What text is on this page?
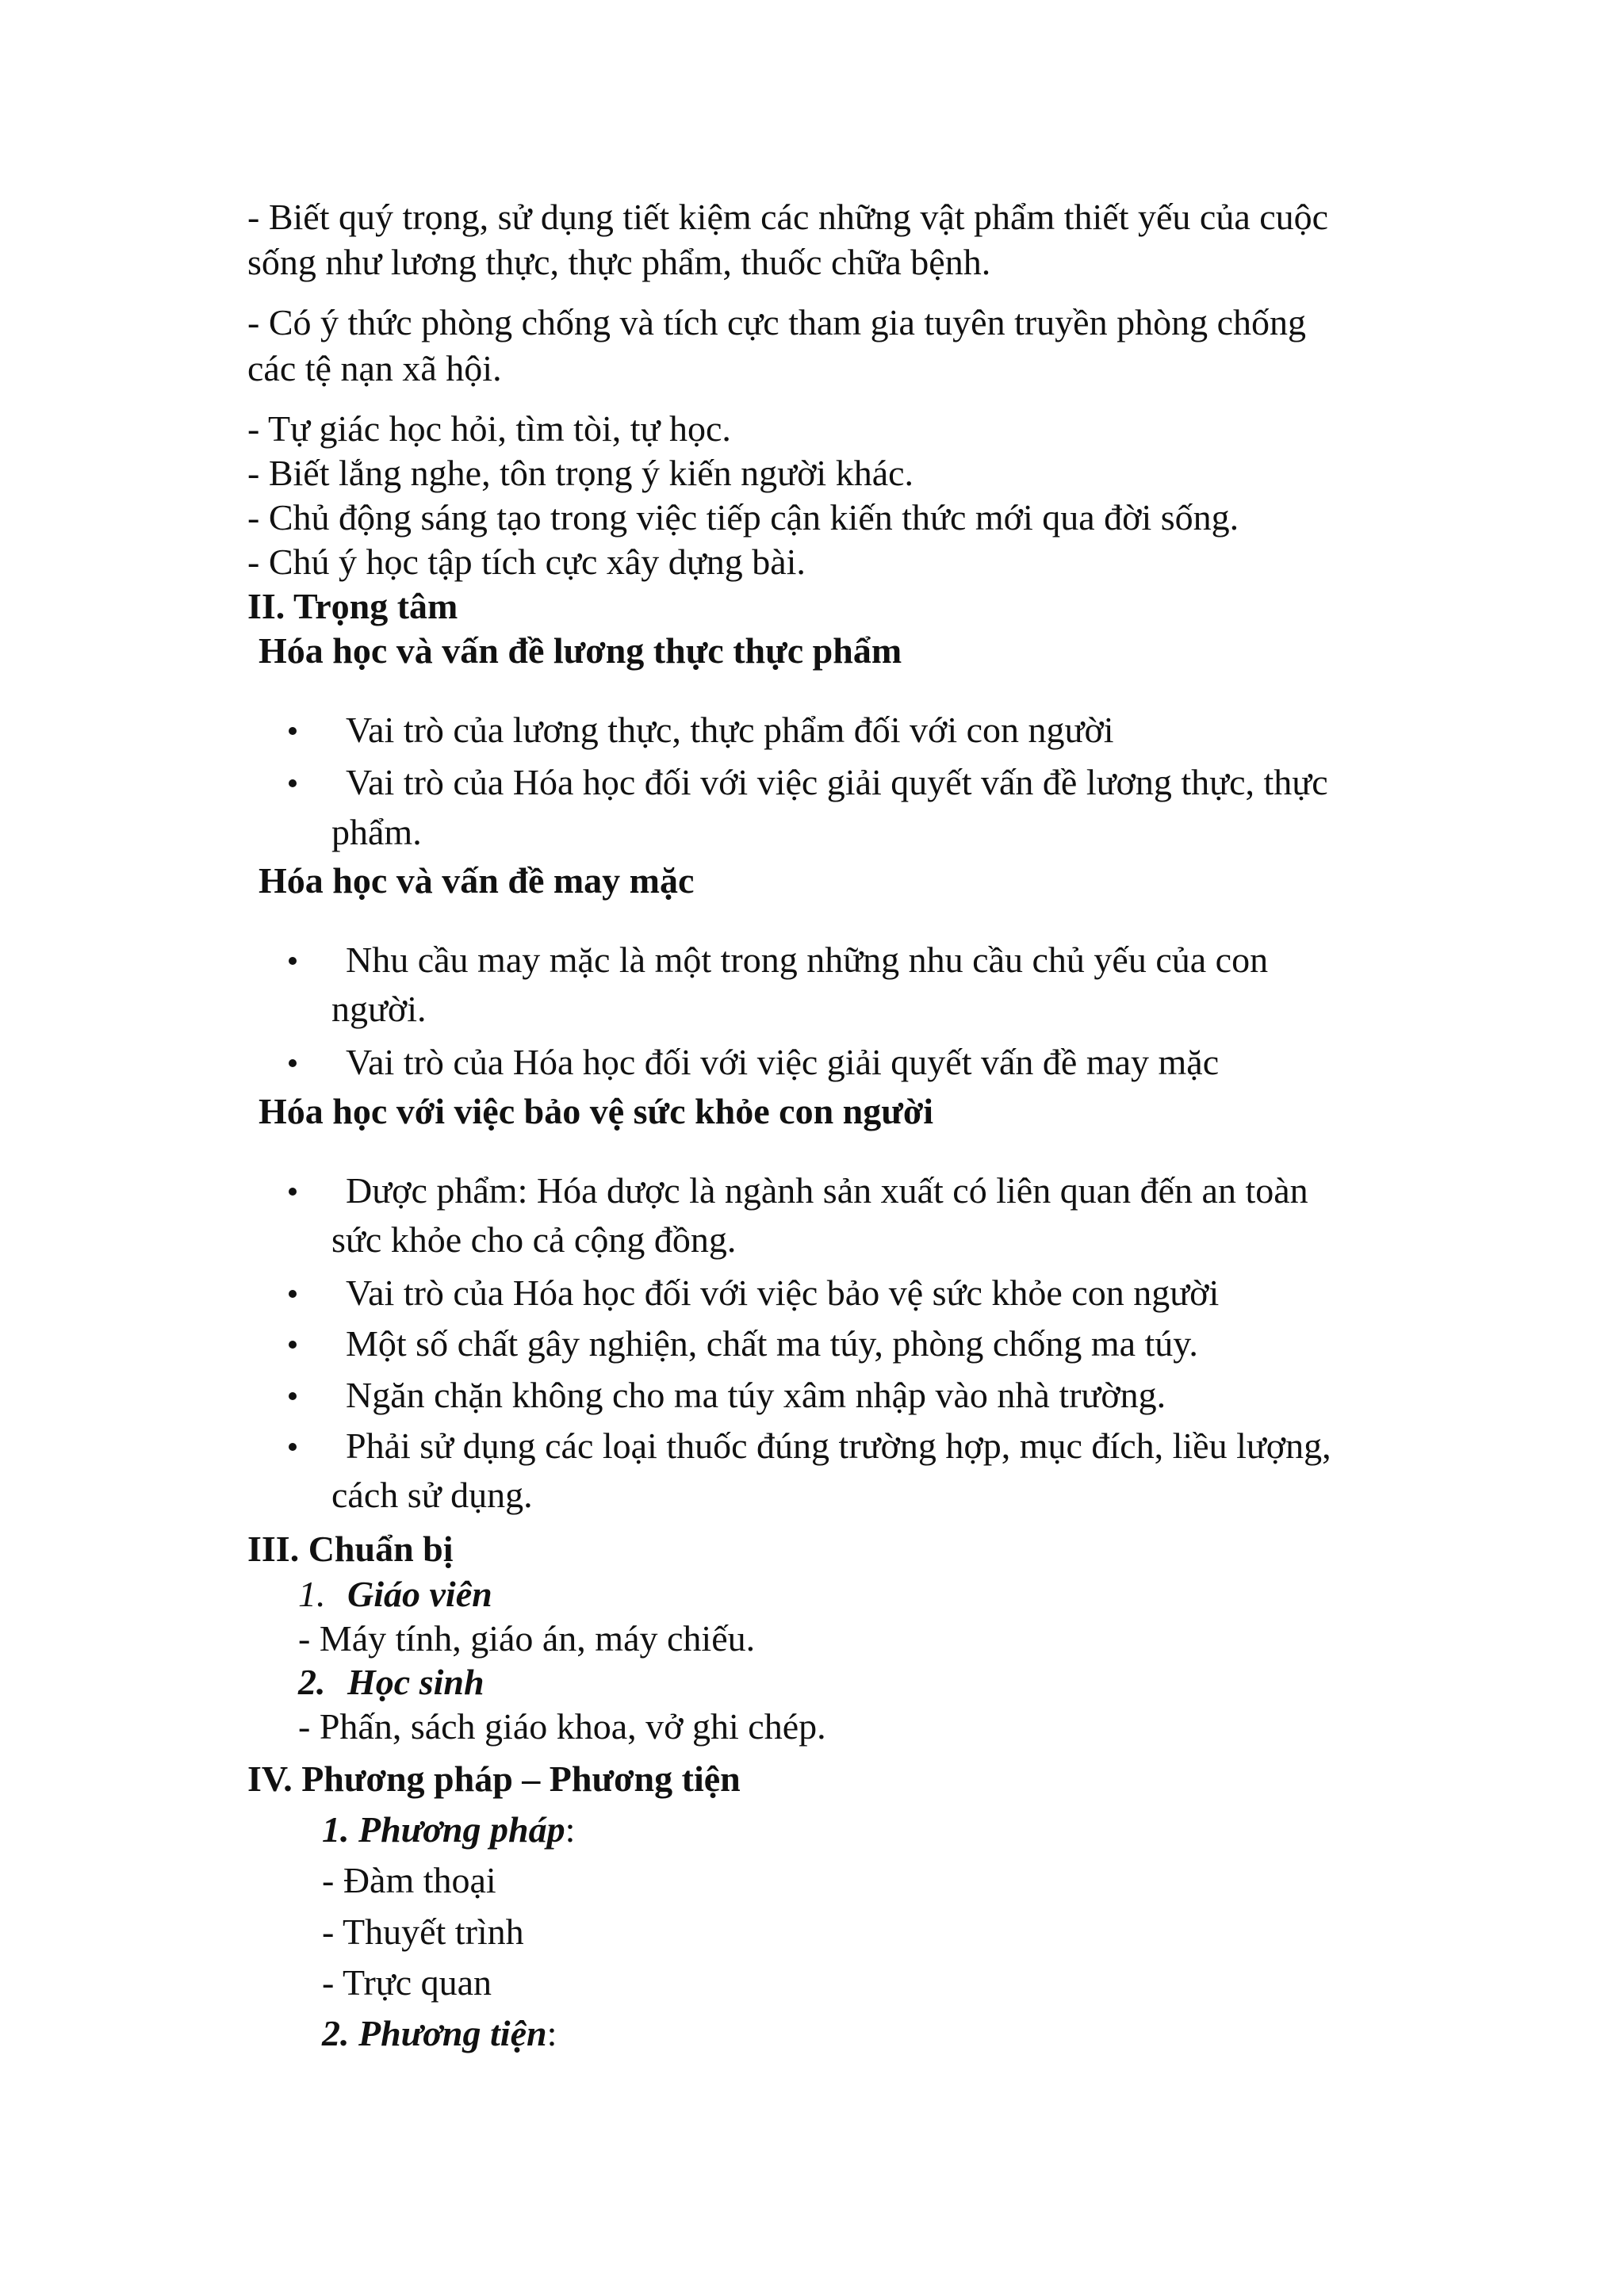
- Biết quý trọng, sử dụng tiết kiệm các những vật phẩm thiết yếu của cuộc
sống như lương thực, thực phẩm, thuốc chữa bệnh.
- Có ý thức phòng chống và tích cực tham gia tuyên truyền phòng chống
các tệ nạn xã hội.
- Tự giác học hỏi, tìm tòi, tự học.
- Biết lắng nghe, tôn trọng ý kiến người khác.
- Chủ động sáng tạo trong việc tiếp cận kiến thức mới qua đời sống.
- Chú ý học tập tích cực xây dựng bài.
II. Trọng tâm
Hóa học và vấn đề lương thực thực phẩm
Vai trò của lương thực, thực phẩm đối với con người
Vai trò của Hóa học đối với việc giải quyết vấn đề lương thực, thực
phẩm.
Hóa học và vấn đề may mặc
Nhu cầu may mặc là một trong những nhu cầu chủ yếu của con
người.
Vai trò của Hóa học đối với việc giải quyết vấn đề may mặc
Hóa học với việc bảo vệ sức khỏe con người
Dược phẩm: Hóa dược là ngành sản xuất có liên quan đến an toàn
sức khỏe cho cả cộng đồng.
Vai trò của Hóa học đối với việc bảo vệ sức khỏe con người
Một số chất gây nghiện, chất ma túy, phòng chống ma túy.
Ngăn chặn không cho ma túy xâm nhập vào nhà trường.
Phải sử dụng các loại thuốc đúng trường hợp, mục đích, liều lượng,
cách sử dụng.
III. Chuẩn bị
1. Giáo viên
- Máy tính, giáo án, máy chiếu.
2. Học sinh
- Phấn, sách giáo khoa, vở ghi chép.
IV. Phương pháp – Phương tiện
1. Phương pháp:
- Đàm thoại
- Thuyết trình
- Trực quan
2. Phương tiện:
